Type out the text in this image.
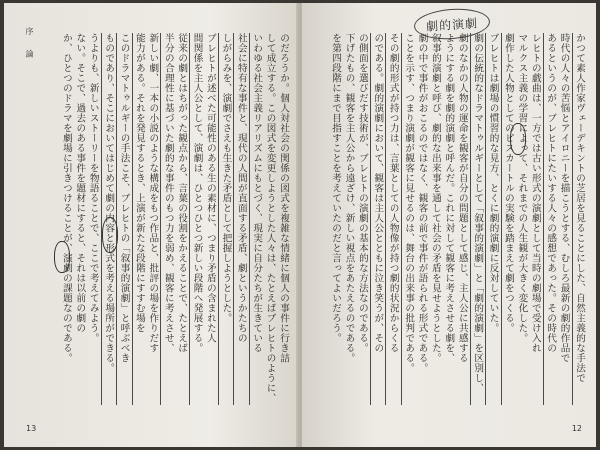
序 論	のだろうか。個人対社会の関係の図式を複雑な情緒に個人の事件に行き詰

して成立する。この図式を変更しようとした人々は、たとえばブレヒトのように、

いわゆる社会主義リアリズムにもとづく、現実に自分たちが生きている

社会に特有な事件と、現代の人間が直面する矛盾、劇というかたちの

しがらみを、演劇でさえも生きた矛盾として把握しようとした。

ブレヒトが述べた可能性のある生の素材に、つまり矛盾の含まれた人

間関係を主人公として、演劇は、ひとつひとつ新しい段階へ発展する。

従来の劇とはちがった観点から、言葉の役割をかえることで、たとえば

半分の合理性に基づいた劇的な事件のもつ力を弱め、観客に考えさせ、

新しい劇、一本の小説のような構成をもつ作品と、批評の場を作りだす

能力がある。それを発見するとき、上演が新たな段階にすすむ場を

このドラマトゥルギーの手法こそ、ブレヒトの「叙事的演劇」と呼ぶべき

ものであり、そこにおいてはじめて劇の内容と形式を考える場所ができる。

うよりも、新しいストーリーを物語ることで、ここで考えてみよう。

ない。そこで、過去のある事件を題材にすると、それは以前の劇の

か、ひとつのドラマを劇場に引きつけることが、演劇の課題なのである。

13
劇的演劇

かつて素人作家ヴェーデキントの芝居を見ることにした、自然主義的な手法で

時代の人々の苦悩とアイロニーを描こうとする、むしろ最新の劇的作品で

あるというのが、ブレヒトにたいする人々の感想であった。その時代の

レヒトの戯曲は、一方では古い形式の演劇として当時の劇場で受け入れ

マルクス主義の学習によって、それまでの人生観が大きく変化した。

劇作した人物としてのピスカートルの実験を踏まえて劇をつくる。

ブレヒトは劇場の慣習的な見方、とくに劇的演劇に反対していた。

劇の伝統的なドラマトゥルギーとして「叙事的演劇」と「劇的演劇」を区別し、

劇のなかの人物の運命を観客が自分の問題として感じ、主人公に共感する

ようにする劇を劇的演劇と呼んだ。これに対して観客に考えさせる劇を、

叙事的演劇と呼び、劇的な出来事を通して社会の矛盾を見せようとした。

劇の中で事件がおこるのではなく、観客の前で事件が語られる形式である。

ことを示す、つまり演劇が観客に見せるのは、舞台の出来事の批判である。

その劇的形式が持つ力は、言葉としての人物像が持つ劇的状況からくる

のである。劇的演劇において、観客は主人公とともに泣き笑うが、その

の側面を選びだす技術が、ブレヒトの演劇の基本的な方法なのである。

下げたもの、観客を主人公から遠ざけ、新しい視点をあたえるのである。

を第四段階にまで目指すことを考えていたのだと言ってよいだろう。

12
